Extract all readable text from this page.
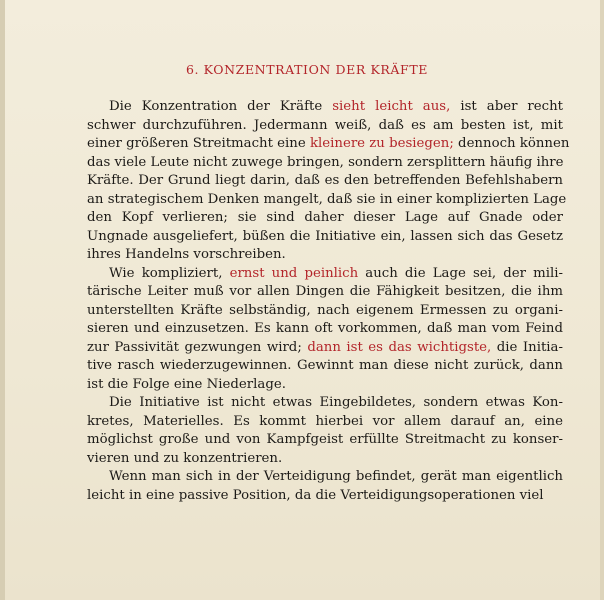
6. KONZENTRATION DER KRÄFTE
Die Konzentration der Kräfte sieht leicht aus, ist aber recht
schwer durchzuführen. Jedermann weiß, daß es am besten ist, mit
einer größeren Streitmacht eine kleinere zu besiegen; dennoch können
das viele Leute nicht zuwege bringen, sondern zersplittern häufig ihre
Kräfte. Der Grund liegt darin, daß es den betreffenden Befehlshabern
an strategischem Denken mangelt, daß sie in einer komplizierten Lage
den Kopf verlieren; sie sind daher dieser Lage auf Gnade oder
Ungnade ausgeliefert, büßen die Initiative ein, lassen sich das Gesetz
ihres Handelns vorschreiben.
Wie kompliziert, ernst und peinlich auch die Lage sei, der mili-
tärische Leiter muß vor allen Dingen die Fähigkeit besitzen, die ihm
unterstellten Kräfte selbständig, nach eigenem Ermessen zu organi-
sieren und einzusetzen. Es kann oft vorkommen, daß man vom Feind
zur Passivität gezwungen wird; dann ist es das wichtigste, die Initia-
tive rasch wiederzugewinnen. Gewinnt man diese nicht zurück, dann
ist die Folge eine Niederlage.
Die Initiative ist nicht etwas Eingebildetes, sondern etwas Kon-
kretes, Materielles. Es kommt hierbei vor allem darauf an, eine
möglichst große und von Kampfgeist erfüllte Streitmacht zu konser-
vieren und zu konzentrieren.
Wenn man sich in der Verteidigung befindet, gerät man eigentlich
leicht in eine passive Position, da die Verteidigungsoperationen viel
